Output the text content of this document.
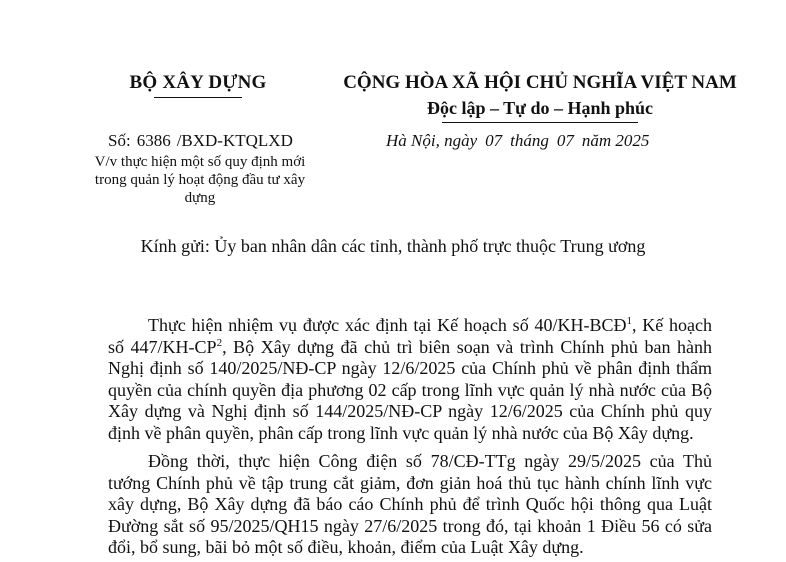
BỘ XÂY DỰNG	CỘNG HÒA XÃ HỘI CHỦ NGHĨA VIỆT NAM
Độc lập – Tự do – Hạnh phúc
Số: 6386 /BXD-KTQLXD
V/v thực hiện một số quy định mới trong quản lý hoạt động đầu tư xây dựng
Hà Nội, ngày 07 tháng 07 năm 2025
Kính gửi: Ủy ban nhân dân các tỉnh, thành phố trực thuộc Trung ương

Thực hiện nhiệm vụ được xác định tại Kế hoạch số 40/KH-BCĐ$^1$, Kế hoạch số $447/KH-CP^2$, Bộ Xây dựng đã chủ trì biên soạn và trình Chính phủ ban hành Nghị định số 140/2025/NĐ-CP ngày 12/6/2025 của Chính phủ về phân định thẩm quyền của chính quyền địa phương 02 cấp trong lĩnh vực quản lý nhà nước của Bộ Xây dựng và Nghị định số 144/2025/NĐ-CP ngày 12/6/2025 của Chính phủ quy định về phân quyền, phân cấp trong lĩnh vực quản lý nhà nước của Bộ Xây dựng.

Đồng thời, thực hiện Công điện số 78/CĐ-TTg ngày 29/5/2025 của Thủ tướng Chính phủ về tập trung cắt giảm, đơn giản hoá thủ tục hành chính lĩnh vực xây dựng, Bộ Xây dựng đã báo cáo Chính phủ để trình Quốc hội thông qua Luật Đường sắt số 95/2025/QH15 ngày 27/6/2025 trong đó, tại khoản 1 Điều 56 có sửa đổi, bổ sung, bãi bỏ một số điều, khoản, điểm của Luật Xây dựng.
